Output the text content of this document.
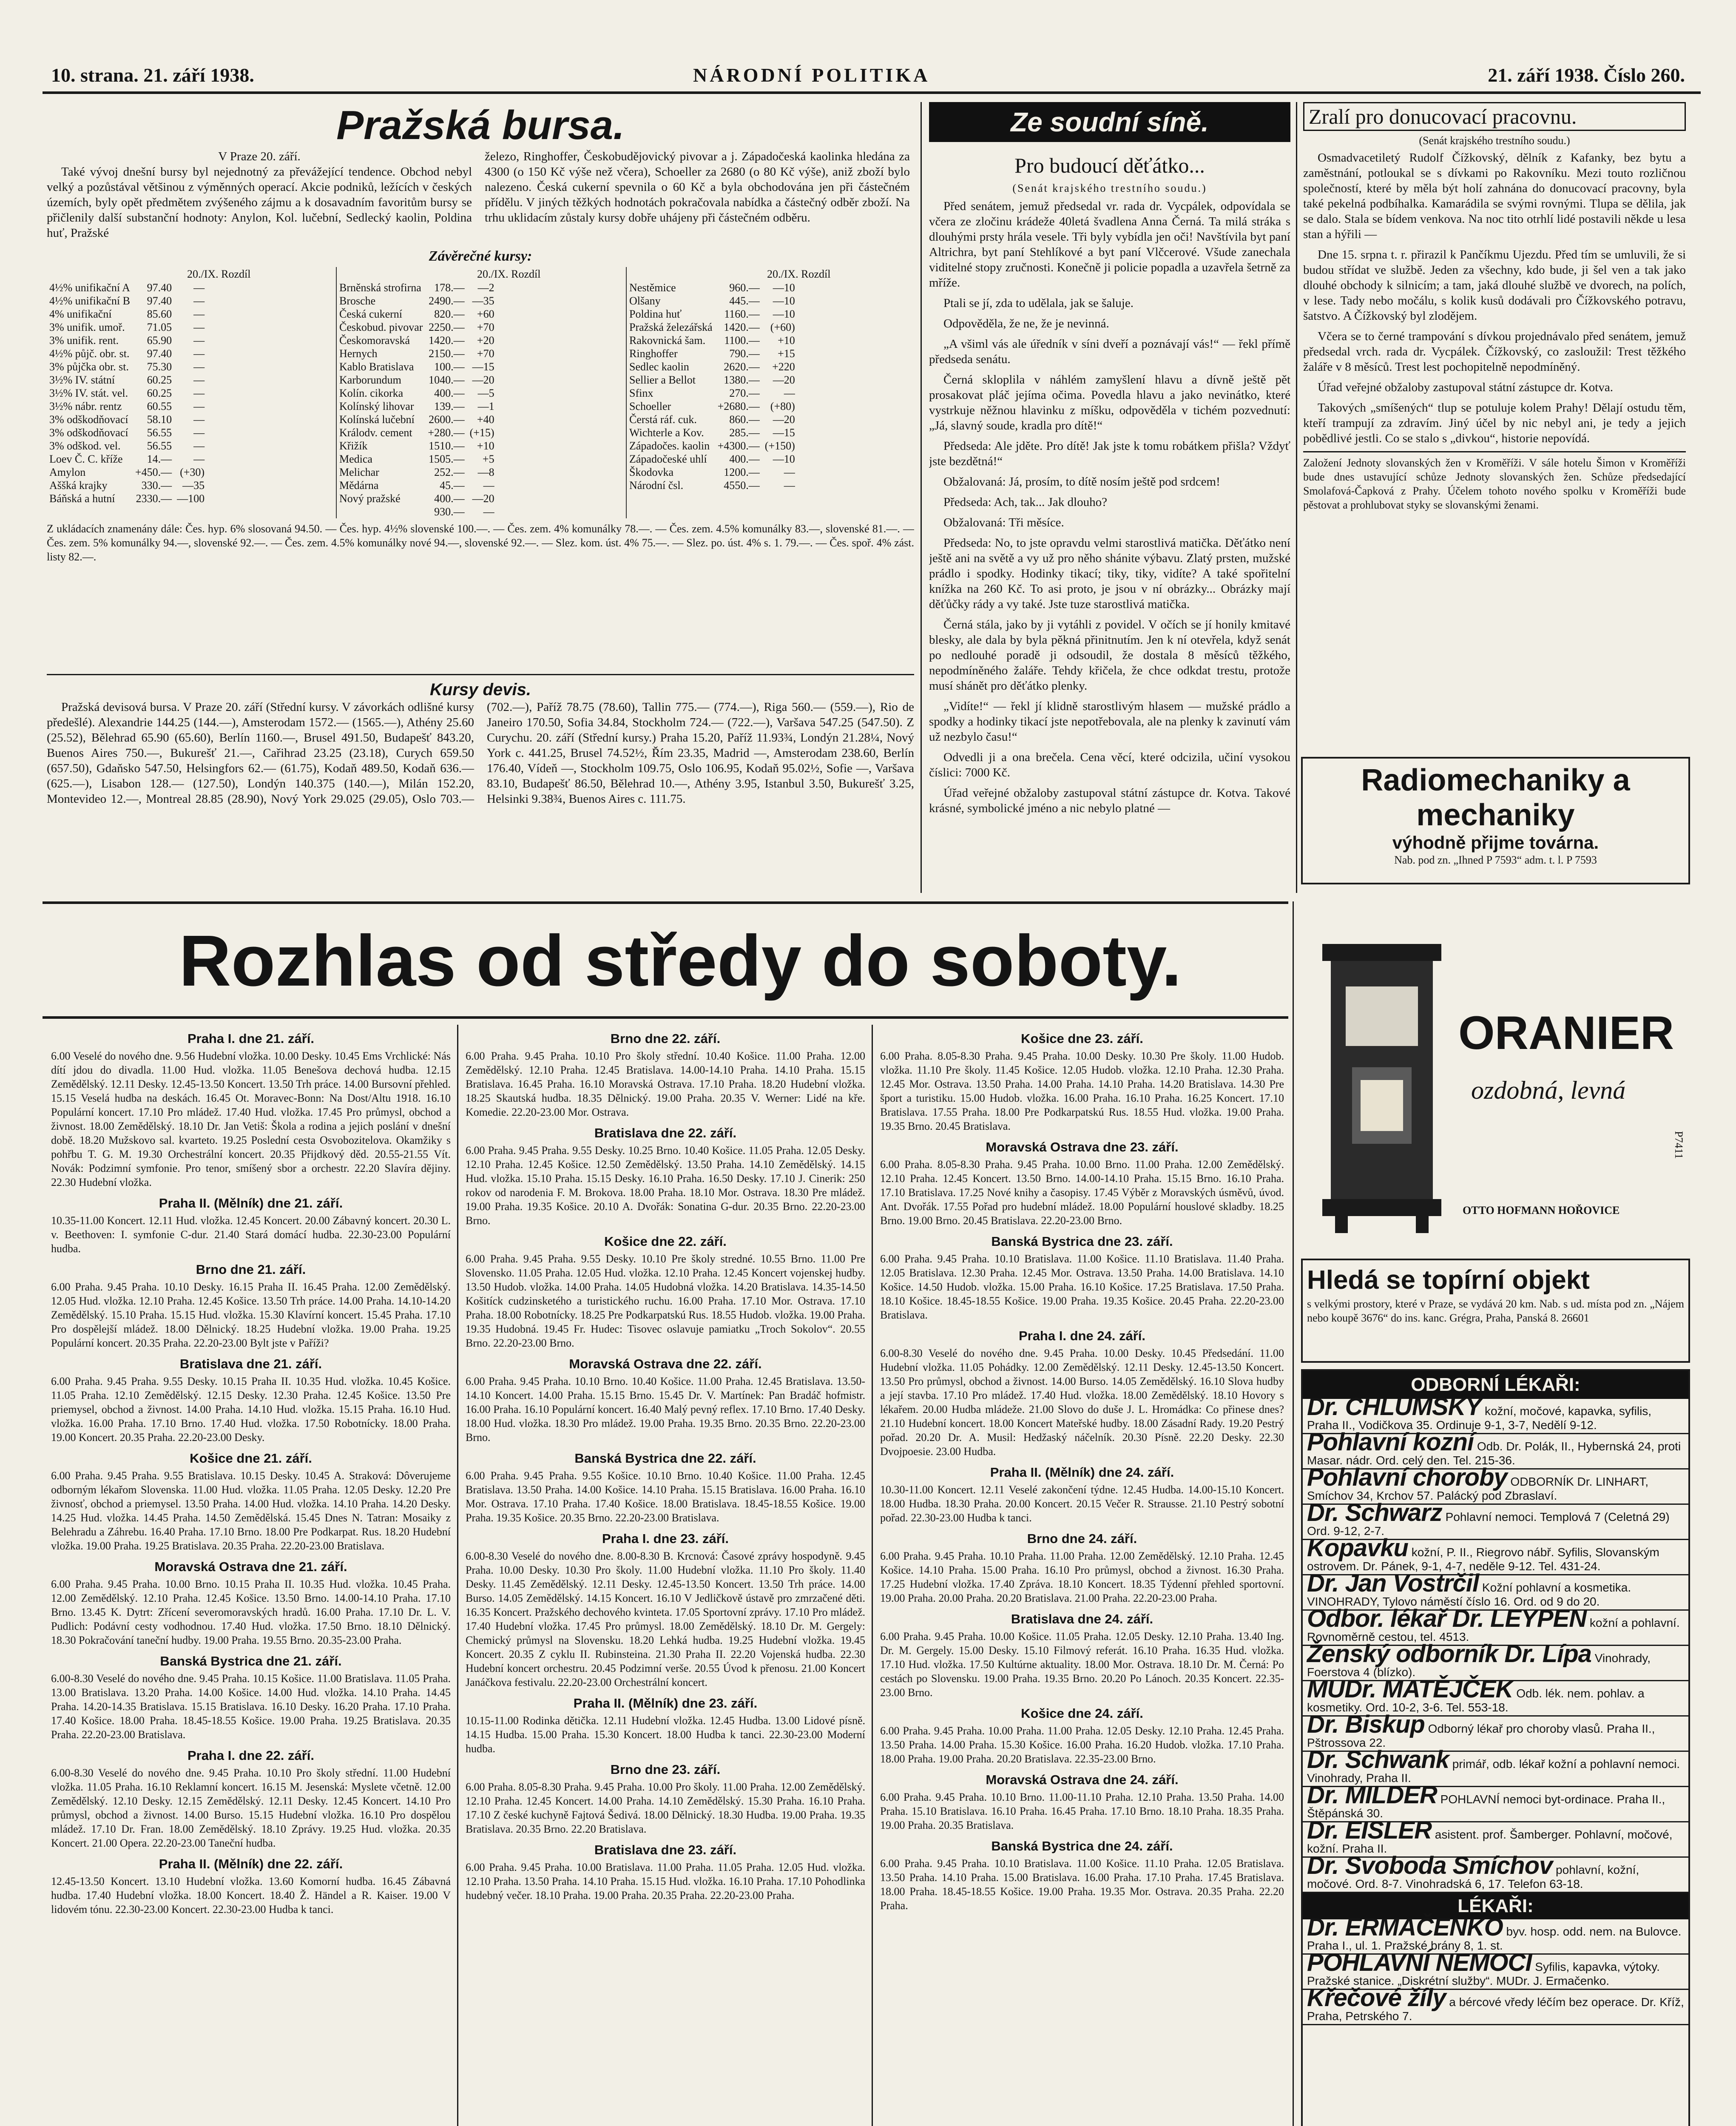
10. strana. 21. září 1938.	NÁRODNÍ POLITIKA	21. září 1938. Číslo 260.
Pražská bursa.
V Praze 20. září.

Také vývoj dnešní bursy byl nejednotný za převážející tendence. Obchod nebyl velký a pozůstával většinou z výměnných operací. Akcie podniků, ležících v českých územích, byly opět předmětem zvýšeného zájmu a k dosavadním favoritům bursy se přičlenily další substanční hodnoty: Anylon, Kol. lučební, Sedlecký kaolin, Poldina huť, Pražské

železo, Ringhoffer, Českobudějovický pivovar a j. Západočeská kaolinka hledána za 4300 (o 150 Kč výše než včera), Schoeller za 2680 (o 80 Kč výše), aniž zboží bylo nalezeno. Česká cukerní spevnila o 60 Kč a byla obchodována jen při částečném přídělu. V jiných těžkých hodnotách pokračovala nabídka a částečný odběr zboží. Na trhu uklidacím zůstaly kursy dobře uhájeny při částečném odběru.

Závěrečné kursy:
20./IX. Rozdíl
4½% unifikační A	97.40	—
4½% unifikační B	97.40	—
4% unifikační	85.60	—
3% unifik. umoř.	71.05	—
3% unifik. rent.	65.90	—
4½% půjč. obr. st.	97.40	—
3% půjčka obr. st.	75.30	—
3½% IV. státní	60.25	—
3½% IV. stát. vel.	60.25	—
3½% nábr. rentz	60.55	—
3% odškodňovací	58.10	—
3% odškodňovací	56.55	—
3% odškod. vel.	56.55	—
Loev Č. C. kříže	14.—	—
Amylon	+450.—	(+30)
Aššká krajky	330.—	—35
Báňská a hutní	2330.—	—100
20./IX. Rozdíl
Brněnská strofirna	178.—	—2
Brosche	2490.—	—35
Česká cukerní	820.—	+60
Českobud. pivovar	2250.—	+70
Českomoravská	1420.—	+20
Hernych	2150.—	+70
Kablo Bratislava	100.—	—15
Karborundum	1040.—	—20
Kolín. cikorka	400.—	—5
Kolínský lihovar	139.—	—1
Kolínská lučební	2600.—	+40
Králodv. cement	+280.—	(+15)
Křižík	1510.—	+10
Medica	1505.—	+5
Melichar	252.—	—8
Mědárna	45.—	—
Nový pražské	400.—	—20
	930.—	—
20./IX. Rozdíl
Nestěmice	960.—	—10
Olšany	445.—	—10
Poldina huť	1160.—	—10
Pražská železářská	1420.—	(+60)
Rakovnická šam.	1100.—	+10
Ringhoffer	790.—	+15
Sedlec kaolin	2620.—	+220
Sellier a Bellot	1380.—	—20
Sfinx	270.—	—
Schoeller	+2680.—	(+80)
Čerstá ráf. cuk.	860.—	—20
Wichterle a Kov.	285.—	—15
Západočes. kaolin	+4300.—	(+150)
Západočeské uhlí	400.—	—10
Škodovka	1200.—	—

Národní čsl.	4550.—	—
Z ukládacích znamenány dále: Čes. hyp. 6% slosovaná 94.50. — Čes. hyp. 4½% slovenské 100.—. — Čes. zem. 4% komunálky 78.—. — Čes. zem. 4.5% komunálky 83.—, slovenské 81.—. — Čes. zem. 5% komunálky 94.—, slovenské 92.—. — Čes. zem. 4.5% komunálky nové 94.—, slovenské 92.—. — Slez. kom. úst. 4% 75.—. — Slez. po. úst. 4% s. 1. 79.—. — Čes. spoř. 4% zást. listy 82.—.
Kursy devis.
Pražská devisová bursa. V Praze 20. září (Střední kursy. V závorkách odlišné kursy předešlé). Alexandrie 144.25 (144.—), Amsterodam 1572.— (1565.—), Athény 25.60 (25.52), Bělehrad 65.90 (65.60), Berlín 1160.—, Brusel 491.50, Budapešť 843.20, Buenos Aires 750.—, Bukurešť 21.—, Cařihrad 23.25 (23.18), Curych 659.50 (657.50), Gdaňsko 547.50, Helsingfors 62.— (61.75), Kodaň 489.50, Kodaň 636.— (625.—), Lisabon 128.— (127.50), Londýn 140.375 (140.—), Milán 152.20, Montevideo 12.—, Montreal 28.85 (28.90), Nový York 29.025 (29.05), Oslo 703.— (702.—), Paříž 78.75 (78.60), Tallin 775.— (774.—), Riga 560.— (559.—), Rio de Janeiro 170.50, Sofia 34.84, Stockholm 724.— (722.—), Varšava 547.25 (547.50). Z Curychu. 20. září (Střední kursy.) Praha 15.20, Paříž 11.93¾, Londýn 21.28¼, Nový York c. 441.25, Brusel 74.52½, Řím 23.35, Madrid —, Amsterodam 238.60, Berlín 176.40, Vídeň —, Stockholm 109.75, Oslo 106.95, Kodaň 95.02½, Sofie —, Varšava 83.10, Budapešť 86.50, Bělehrad 10.—, Athény 3.95, Istanbul 3.50, Bukurešť 3.25, Helsinki 9.38¾, Buenos Aires c. 111.75.
Ze soudní síně.
Pro budoucí děťátko...
(Senát krajského trestního soudu.)

Před senátem, jemuž předsedal vr. rada dr. Vycpálek, odpovídala se včera ze zločinu krádeže 40letá švadlena Anna Černá. Ta milá stráka s dlouhými prsty hrála vesele. Tři byly vybídla jen oči! Navštívila byt paní Altrichra, byt paní Stehlíkové a byt paní Vlčcerové. Všude zanechala viditelné stopy zručnosti. Konečně ji policie popadla a uzavřela šetrně za mříže.

Ptali se jí, zda to udělala, jak se šaluje.

Odpověděla, že ne, že je nevinná.

„A všiml vás ale úředník v síni dveří a poznávají vás!“ — řekl přímě předseda senátu.

Černá skloplila v náhlém zamyšlení hlavu a dívně ještě pět prosakovat pláč jejíma očima. Povedla hlavu a jako nevinátko, které vystrkuje něžnou hlavinku z míšku, odpověděla v tichém pozvednutí: „Já, slavný soude, kradla pro dítě!“

Předseda: Ale jděte. Pro dítě! Jak jste k tomu robátkem přišla? Vždyť jste bezdětná!“

Obžalovaná: Já, prosím, to dítě nosím ještě pod srdcem!

Předseda: Ach, tak... Jak dlouho?

Obžalovaná: Tři měsíce.

Předseda: No, to jste opravdu velmi starostlivá matička. Děťátko není ještě ani na světě a vy už pro něho shánite výbavu. Zlatý prsten, mužské prádlo i spodky. Hodinky tikací; tiky, tiky, vidíte? A také spořitelní knížka na 260 Kč. To asi proto, je jsou v ní obrázky... Obrázky mají děťůčky rády a vy také. Jste tuze starostlivá matička.

Černá stála, jako by ji vytáhli z povidel. V očích se jí honily kmitavé blesky, ale dala by byla pěkná přinitnutím. Jen k ní otevřela, když senát po nedlouhé poradě ji odsoudil, že dostala 8 měsíců těžkého, nepodmíněného žaláře. Tehdy křičela, že chce odkdat trestu, protože musí shánět pro děťátko plenky.

„Vidíte!“ — řekl jí klidně starostlivým hlasem — mužské prádlo a spodky a hodinky tikací jste nepotřebovala, ale na plenky k zavinutí vám už nezbylo času!“

Odvedli ji a ona brečela. Cena věcí, které odcizila, učiní vysokou číslici: 7000 Kč.

Úřad veřejné obžaloby zastupoval státní zástupce dr. Kotva. Takové krásné, symbolické jméno a nic nebylo platné —

Zralí pro donucovací pracovnu.
(Senát krajského trestního soudu.)

Osmadvacetiletý Rudolf Čížkovský, dělník z Kafanky, bez bytu a zaměstnání, potloukal se s dívkami po Rakovníku. Mezi touto rozličnou společností, které by měla být holí zahnána do donucovací pracovny, byla také pekelná podbíhalka. Kamarádila se svými rovnými. Tlupa se dělila, jak se dalo. Stala se bídem venkova. Na noc tito otrhlí lidé postavili někde u lesa stan a hýřili —

Dne 15. srpna t. r. přirazil k Pančíkmu Ujezdu. Před tím se umluvili, že si budou střídat ve službě. Jeden za všechny, kdo bude, ji šel ven a tak jako dlouhé obchody k silnicím; a tam, jaká dlouhé službě ve dvorech, na polích, v lese. Tady nebo močálu, s kolik kusů dodávali pro Čížkovského potravu, šatstvo. A Čížkovský byl zlodějem.

Včera se to černé trampování s dívkou projednávalo před senátem, jemuž předsedal vrch. rada dr. Vycpálek. Čížkovský, co zasloužil: Trest těžkého žaláře v 8 měsíců. Trest lest pochopitelně nepodmíněný.

Úřad veřejné obžaloby zastupoval státní zástupce dr. Kotva.

Takových „smíšených“ tlup se potuluje kolem Prahy! Dělají ostudu těm, kteří trampují za zdravím. Jiný účel by nic nebyl ani, je tedy a jejich pobědlivé jestli. Co se stalo s „divkou“, historie nepovídá.

Založení Jednoty slovanských žen v Kroměříži. V sále hotelu Šimon v Kroměříži bude dnes ustavující schůze Jednoty slovanských žen. Schůze předsedající Smolafová-Čapková z Prahy. Účelem tohoto nového spolku v Kroměříži bude pěstovat a prohlubovat styky se slovanskými ženami.
Radiomechaniky a mechaniky
výhodně přijme továrna.
Nab. pod zn. „Ihned P 7593“ adm. t. l. P 7593
Rozhlas od středy do soboty.
Praha I. dne 21. září.

6.00 Veselé do nového dne. 9.56 Hudební vložka. 10.00 Desky. 10.45 Ems Vrchlické: Nás dítí jdou do divadla. 11.00 Hud. vložka. 11.05 Benešova dechová hudba. 12.15 Zemědělský. 12.11 Desky. 12.45-13.50 Koncert. 13.50 Trh práce. 14.00 Bursovní přehled. 15.15 Veselá hudba na deskách. 16.45 Ot. Moravec-Bonn: Na Dost/Altu 1918. 16.10 Populární koncert. 17.10 Pro mládež. 17.40 Hud. vložka. 17.45 Pro průmysl, obchod a živnost. 18.00 Zemědělský. 18.10 Dr. Jan Vetiš: Škola a rodina a jejich poslání v dnešní době. 18.20 Mužskovo sal. kvarteto. 19.25 Poslední cesta Osvobozitelova. Okamžiky s pohřbu T. G. M. 19.30 Orchestrální koncert. 20.35 Přijdkový děd. 20.55-21.55 Vít. Novák: Podzimní symfonie. Pro tenor, smíšený sbor a orchestr. 22.20 Slavíra dějiny. 22.30 Hudební vložka.

Praha II. (Mělník) dne 21. září.

10.35-11.00 Koncert. 12.11 Hud. vložka. 12.45 Koncert. 20.00 Zábavný koncert. 20.30 L. v. Beethoven: I. symfonie C-dur. 21.40 Stará domácí hudba. 22.30-23.00 Populární hudba.

Brno dne 21. září.

6.00 Praha. 9.45 Praha. 10.10 Desky. 16.15 Praha II. 16.45 Praha. 12.00 Zemědělský. 12.05 Hud. vložka. 12.10 Praha. 12.45 Košice. 13.50 Trh práce. 14.00 Praha. 14.10-14.20 Zemědělský. 15.10 Praha. 15.15 Hud. vložka. 15.30 Klavírní koncert. 15.45 Praha. 17.10 Pro dospělejší mládež. 18.00 Dělnický. 18.25 Hudební vložka. 19.00 Praha. 19.25 Populární koncert. 20.35 Praha. 22.20-23.00 Bylt jste v Paříži?

Bratislava dne 21. září.

6.00 Praha. 9.45 Praha. 9.55 Desky. 10.15 Praha II. 10.35 Hud. vložka. 10.45 Košice. 11.05 Praha. 12.10 Zemědělský. 12.15 Desky. 12.30 Praha. 12.45 Košice. 13.50 Pre priemysel, obchod a živnost. 14.00 Praha. 14.10 Hud. vložka. 15.15 Praha. 16.10 Hud. vložka. 16.00 Praha. 17.10 Brno. 17.40 Hud. vložka. 17.50 Robotnícky. 18.00 Praha. 19.00 Koncert. 20.35 Praha. 22.20-23.00 Desky.

Košice dne 21. září.

6.00 Praha. 9.45 Praha. 9.55 Bratislava. 10.15 Desky. 10.45 A. Straková: Dôverujeme odborným lékařom Slovenska. 11.00 Hud. vložka. 11.05 Praha. 12.05 Desky. 12.20 Pre živnosť, obchod a priemysel. 13.50 Praha. 14.00 Hud. vložka. 14.10 Praha. 14.20 Desky. 14.25 Hud. vložka. 14.45 Praha. 14.50 Zemědělská. 15.45 Dnes N. Tatran: Mosaiky z Belehradu a Záhrebu. 16.40 Praha. 17.10 Brno. 18.00 Pre Podkarpat. Rus. 18.20 Hudební vložka. 19.00 Praha. 19.25 Bratislava. 20.35 Praha. 22.20-23.00 Bratislava.

Moravská Ostrava dne 21. září.

6.00 Praha. 9.45 Praha. 10.00 Brno. 10.15 Praha II. 10.35 Hud. vložka. 10.45 Praha. 12.00 Zemědělský. 12.10 Praha. 12.45 Košice. 13.50 Brno. 14.00-14.10 Praha. 17.10 Brno. 13.45 K. Dytrt: Zřícení severomoravských hradů. 16.00 Praha. 17.10 Dr. L. V. Pudlich: Podávní cesty vodhodnou. 17.40 Hud. vložka. 17.50 Brno. 18.10 Dělnický. 18.30 Pokračování taneční hudby. 19.00 Praha. 19.55 Brno. 20.35-23.00 Praha.

Banská Bystrica dne 21. září.

6.00-8.30 Veselé do nového dne. 9.45 Praha. 10.15 Košice. 11.00 Bratislava. 11.05 Praha. 13.00 Bratislava. 13.20 Praha. 14.00 Košice. 14.00 Hud. vložka. 14.10 Praha. 14.45 Praha. 14.20-14.35 Bratislava. 15.15 Bratislava. 16.10 Desky. 16.20 Praha. 17.10 Praha. 17.40 Košice. 18.00 Praha. 18.45-18.55 Košice. 19.00 Praha. 19.25 Bratislava. 20.35 Praha. 22.20-23.00 Bratislava.

Praha I. dne 22. září.

6.00-8.30 Veselé do nového dne. 9.45 Praha. 10.10 Pro školy střední. 11.00 Hudební vložka. 11.05 Praha. 16.10 Reklamní koncert. 16.15 M. Jesenská: Myslete včetně. 12.00 Zemědělský. 12.10 Desky. 12.15 Zemědělský. 12.11 Desky. 12.45 Koncert. 14.10 Pro průmysl, obchod a živnost. 14.00 Burso. 15.15 Hudební vložka. 16.10 Pro dospělou mládež. 17.10 Dr. Fran. 18.00 Zemědělský. 18.10 Zprávy. 19.25 Hud. vložka. 20.35 Koncert. 21.00 Opera. 22.20-23.00 Taneční hudba.

Praha II. (Mělník) dne 22. září.

12.45-13.50 Koncert. 13.10 Hudební vložka. 13.60 Komorní hudba. 16.45 Zábavná hudba. 17.40 Hudební vložka. 18.00 Koncert. 18.40 Ž. Händel a R. Kaiser. 19.00 V lidovém tónu. 22.30-23.00 Koncert. 22.30-23.00 Hudba k tanci.

Brno dne 22. září.

6.00 Praha. 9.45 Praha. 10.10 Pro školy střední. 10.40 Košice. 11.00 Praha. 12.00 Zemědělský. 12.10 Praha. 12.45 Bratislava. 14.00-14.10 Praha. 14.10 Praha. 15.15 Bratislava. 16.45 Praha. 16.10 Moravská Ostrava. 17.10 Praha. 18.20 Hudební vložka. 18.25 Skautská hudba. 18.35 Dělnický. 19.00 Praha. 20.35 V. Werner: Lidé na kře. Komedie. 22.20-23.00 Mor. Ostrava.

Bratislava dne 22. září.

6.00 Praha. 9.45 Praha. 9.55 Desky. 10.25 Brno. 10.40 Košice. 11.05 Praha. 12.05 Desky. 12.10 Praha. 12.45 Košice. 12.50 Zemědělský. 13.50 Praha. 14.10 Zemědělský. 14.15 Hud. vložka. 15.10 Praha. 15.15 Desky. 16.10 Praha. 16.50 Desky. 17.10 J. Cinerik: 250 rokov od narodenia F. M. Brokova. 18.00 Praha. 18.10 Mor. Ostrava. 18.30 Pre mládež. 19.00 Praha. 19.35 Košice. 20.10 A. Dvořák: Sonatina G-dur. 20.35 Brno. 22.20-23.00 Brno.

Košice dne 22. září.

6.00 Praha. 9.45 Praha. 9.55 Desky. 10.10 Pre školy stredné. 10.55 Brno. 11.00 Pre Slovensko. 11.05 Praha. 12.05 Hud. vložka. 12.10 Praha. 12.45 Koncert vojenskej hudby. 13.50 Hudob. vložka. 14.00 Praha. 14.05 Hudobná vložka. 14.20 Bratislava. 14.35-14.50 Košitíck cudzinsketého a turistického ruchu. 16.00 Praha. 17.10 Mor. Ostrava. 17.10 Praha. 18.00 Robotnícky. 18.25 Pre Podkarpatskú Rus. 18.55 Hudob. vložka. 19.00 Praha. 19.35 Hudobná. 19.45 Fr. Hudec: Tisovec oslavuje pamiatku „Troch Sokolov“. 20.55 Brno. 22.20-23.00 Brno.

Moravská Ostrava dne 22. září.

6.00 Praha. 9.45 Praha. 10.10 Brno. 10.40 Košice. 11.00 Praha. 12.45 Bratislava. 13.50-14.10 Koncert. 14.00 Praha. 15.15 Brno. 15.45 Dr. V. Martínek: Pan Bradáč hofmistr. 16.00 Praha. 16.10 Populární koncert. 16.40 Malý pevný reflex. 17.10 Brno. 17.40 Desky. 18.00 Hud. vložka. 18.30 Pro mládež. 19.00 Praha. 19.35 Brno. 20.35 Brno. 22.20-23.00 Brno.

Banská Bystrica dne 22. září.

6.00 Praha. 9.45 Praha. 9.55 Košice. 10.10 Brno. 10.40 Košice. 11.00 Praha. 12.45 Bratislava. 13.50 Praha. 14.00 Košice. 14.10 Praha. 15.15 Bratislava. 16.00 Praha. 16.10 Mor. Ostrava. 17.10 Praha. 17.40 Košice. 18.00 Bratislava. 18.45-18.55 Košice. 19.00 Praha. 19.35 Košice. 20.35 Brno. 22.20-23.00 Bratislava.

Praha I. dne 23. září.

6.00-8.30 Veselé do nového dne. 8.00-8.30 B. Krcnová: Časové zprávy hospodyně. 9.45 Praha. 10.00 Desky. 10.30 Pro školy. 11.00 Hudební vložka. 11.10 Pro školy. 11.40 Desky. 11.45 Zemědělský. 12.11 Desky. 12.45-13.50 Koncert. 13.50 Trh práce. 14.00 Burso. 14.05 Zemědělský. 14.15 Koncert. 16.10 V Jedličkově ústavě pro zmrzačené děti. 16.35 Koncert. Pražského dechového kvinteta. 17.05 Sportovní zprávy. 17.10 Pro mládež. 17.40 Hudební vložka. 17.45 Pro průmysl. 18.00 Zemědělský. 18.10 Dr. M. Gergely: Chemický průmysl na Slovensku. 18.20 Lehká hudba. 19.25 Hudební vložka. 19.45 Koncert. 20.35 Z cyklu II. Rubinsteina. 21.30 Praha II. 22.20 Vojenská hudba. 22.30 Hudební koncert orchestru. 20.45 Podzimní verše. 20.55 Úvod k přenosu. 21.00 Koncert Janáčkova festivalu. 22.20-23.00 Orchestrální koncert.

Praha II. (Mělník) dne 23. září.

10.15-11.00 Rodinka dětička. 12.11 Hudební vložka. 12.45 Hudba. 13.00 Lidové písně. 14.15 Hudba. 15.00 Praha. 15.30 Koncert. 18.00 Hudba k tanci. 22.30-23.00 Moderní hudba.

Brno dne 23. září.

6.00 Praha. 8.05-8.30 Praha. 9.45 Praha. 10.00 Pro školy. 11.00 Praha. 12.00 Zemědělský. 12.10 Praha. 12.45 Koncert. 14.00 Praha. 14.10 Zemědělský. 15.30 Praha. 16.10 Praha. 17.10 Z české kuchyně Fajtová Šedivá. 18.00 Dělnický. 18.30 Hudba. 19.00 Praha. 19.35 Bratislava. 20.35 Brno. 22.20 Bratislava.

Bratislava dne 23. září.

6.00 Praha. 9.45 Praha. 10.00 Bratislava. 11.00 Praha. 11.05 Praha. 12.05 Hud. vložka. 12.10 Praha. 13.50 Praha. 14.10 Praha. 15.15 Hud. vložka. 16.10 Praha. 17.10 Pohodlinka hudebný večer. 18.10 Praha. 19.00 Praha. 20.35 Praha. 22.20-23.00 Praha.

Košice dne 23. září.

6.00 Praha. 8.05-8.30 Praha. 9.45 Praha. 10.00 Desky. 10.30 Pre školy. 11.00 Hudob. vložka. 11.10 Pre školy. 11.45 Košice. 12.05 Hudob. vložka. 12.10 Praha. 12.30 Praha. 12.45 Mor. Ostrava. 13.50 Praha. 14.00 Praha. 14.10 Praha. 14.20 Bratislava. 14.30 Pre šport a turistiku. 15.00 Hudob. vložka. 16.00 Praha. 16.10 Praha. 16.25 Koncert. 17.10 Bratislava. 17.55 Praha. 18.00 Pre Podkarpatskú Rus. 18.55 Hud. vložka. 19.00 Praha. 19.35 Brno. 20.45 Bratislava.

Moravská Ostrava dne 23. září.

6.00 Praha. 8.05-8.30 Praha. 9.45 Praha. 10.00 Brno. 11.00 Praha. 12.00 Zemědělský. 12.10 Praha. 12.45 Koncert. 13.50 Brno. 14.00-14.10 Praha. 15.15 Brno. 16.10 Praha. 17.10 Bratislava. 17.25 Nové knihy a časopisy. 17.45 Výběr z Moravských úsměvů, úvod. Ant. Dvořák. 17.55 Pořad pro hudební mládež. 18.00 Populární houslové skladby. 18.25 Brno. 19.00 Brno. 20.45 Bratislava. 22.20-23.00 Brno.

Banská Bystrica dne 23. září.

6.00 Praha. 9.45 Praha. 10.10 Bratislava. 11.00 Košice. 11.10 Bratislava. 11.40 Praha. 12.05 Bratislava. 12.30 Praha. 12.45 Mor. Ostrava. 13.50 Praha. 14.00 Bratislava. 14.10 Košice. 14.50 Hudob. vložka. 15.00 Praha. 16.10 Košice. 17.25 Bratislava. 17.50 Praha. 18.10 Košice. 18.45-18.55 Košice. 19.00 Praha. 19.35 Košice. 20.45 Praha. 22.20-23.00 Bratislava.

Praha I. dne 24. září.

6.00-8.30 Veselé do nového dne. 9.45 Praha. 10.00 Desky. 10.45 Předsedání. 11.00 Hudební vložka. 11.05 Pohádky. 12.00 Zemědělský. 12.11 Desky. 12.45-13.50 Koncert. 13.50 Pro průmysl, obchod a živnost. 14.00 Burso. 14.05 Zemědělský. 16.10 Slova hudby a její stavba. 17.10 Pro mládež. 17.40 Hud. vložka. 18.00 Zemědělský. 18.10 Hovory s lékařem. 20.00 Hudba mládeže. 21.00 Slovo do duše J. L. Hromádka: Co přinese dnes? 21.10 Hudební koncert. 18.00 Koncert Mateřské hudby. 18.00 Zásadní Rady. 19.20 Pestrý pořad. 20.20 Dr. A. Musil: Hedžaský náčelník. 20.30 Písně. 22.20 Desky. 22.30 Dvojpoesie. 23.00 Hudba.

Praha II. (Mělník) dne 24. září.

10.30-11.00 Koncert. 12.11 Veselé zakončení týdne. 12.45 Hudba. 14.00-15.10 Koncert. 18.00 Hudba. 18.30 Praha. 20.00 Koncert. 20.15 Večer R. Strausse. 21.10 Pestrý sobotní pořad. 22.30-23.00 Hudba k tanci.

Brno dne 24. září.

6.00 Praha. 9.45 Praha. 10.10 Praha. 11.00 Praha. 12.00 Zemědělský. 12.10 Praha. 12.45 Košice. 14.10 Praha. 15.00 Praha. 16.10 Pro průmysl, obchod a živnost. 16.30 Praha. 17.25 Hudební vložka. 17.40 Zpráva. 18.10 Koncert. 18.35 Týdenní přehled sportovní. 19.00 Praha. 20.00 Praha. 20.20 Bratislava. 21.00 Praha. 22.20-23.00 Praha.

Bratislava dne 24. září.

6.00 Praha. 9.45 Praha. 10.00 Košice. 11.05 Praha. 12.05 Desky. 12.10 Praha. 13.40 Ing. Dr. M. Gergely. 15.00 Desky. 15.10 Filmový referát. 16.10 Praha. 16.35 Hud. vložka. 17.10 Hud. vložka. 17.50 Kultúrne aktuality. 18.00 Mor. Ostrava. 18.10 Dr. M. Černá: Po cestách po Slovensku. 19.00 Praha. 19.35 Brno. 20.20 Po Lánoch. 20.35 Koncert. 22.35-23.00 Brno.

Košice dne 24. září.

6.00 Praha. 9.45 Praha. 10.00 Praha. 11.00 Praha. 12.05 Desky. 12.10 Praha. 12.45 Praha. 13.50 Praha. 14.00 Praha. 15.30 Košice. 16.00 Praha. 16.20 Hudob. vložka. 17.10 Praha. 18.00 Praha. 19.00 Praha. 20.20 Bratislava. 22.35-23.00 Brno.

Moravská Ostrava dne 24. září.

6.00 Praha. 9.45 Praha. 10.10 Brno. 11.00-11.10 Praha. 12.10 Praha. 13.50 Praha. 14.00 Praha. 15.10 Bratislava. 16.10 Praha. 16.45 Praha. 17.10 Brno. 18.10 Praha. 18.35 Praha. 19.00 Praha. 20.35 Bratislava.

Banská Bystrica dne 24. září.

6.00 Praha. 9.45 Praha. 10.10 Bratislava. 11.00 Košice. 11.10 Praha. 12.05 Bratislava. 13.50 Praha. 14.10 Praha. 15.00 Bratislava. 16.00 Praha. 17.10 Praha. 17.45 Bratislava. 18.00 Praha. 18.45-18.55 Košice. 19.00 Praha. 19.35 Mor. Ostrava. 20.35 Praha. 22.20 Praha.

ORANIER
ozdobná, levná
OTTO HOFMANN HOŘOVICE
P7411
Hledá se topírní objekt
s velkými prostory, které v Praze, se vydává 20 km. Nab. s ud. místa pod zn. „Nájem nebo koupě 3676“ do ins. kanc. Grégra, Praha, Panská 8. 26601
ODBORNÍ LÉKAŘI:
Dr. CHLUMSKÝ kožní, močové, kapavka, syfilis, Praha II., Vodičkova 35. Ordinuje 9-1, 3-7, Nedělí 9-12.
Pohlavní kozní Odb. Dr. Polák, II., Hybernská 24, proti Masar. nádr. Ord. celý den. Tel. 215-36.
Pohlavní choroby ODBORNÍK Dr. LINHART, Smíchov 34, Krchov 57. Palácký pod Zbraslaví.
Dr. Schwarz Pohlavní nemoci. Templová 7 (Celetná 29) Ord. 9-12, 2-7.
Kopavku kožní, P. II., Riegrovo nábř. Syfilis, Slovanským ostrovem. Dr. Pánek, 9-1, 4-7, neděle 9-12. Tel. 431-24.
Dr. Jan Vostrčil Kožní pohlavní a kosmetika. VINOHRADY, Tylovo náměstí číslo 16. Ord. od 9 do 20.
Odbor. lékař Dr. LEYPEN kožní a pohlavní. Rovnoměrně cestou, tel. 4513.
Ženský odborník Dr. Lípa Vinohrady, Foerstova 4 (blízko).
MUDr. MATĚJČEK Odb. lék. nem. pohlav. a kosmetiky. Ord. 10-2, 3-6. Tel. 553-18.
Dr. Biskup Odborný lékař pro choroby vlasů. Praha II., Pštrossova 22.
Dr. Schwank primář, odb. lékař kožní a pohlavní nemoci. Vinohrady, Praha II.
Dr. MILDER POHLAVNÍ nemoci byt-ordinace. Praha II., Štěpánská 30.
Dr. EISLER asistent. prof. Šamberger. Pohlavní, močové, kožní. Praha II.
Dr. Svoboda Smíchov pohlavní, kožní, močové. Ord. 8-7. Vinohradská 6, 17. Telefon 63-18.
LÉKAŘI:
Dr. ERMAČENKO byv. hosp. odd. nem. na Bulovce. Praha I., ul. 1. Pražské brány 8, 1. st.
POHLAVNÍ NEMOCI Syfilis, kapavka, výtoky. Pražské stanice. „Diskrétní služby“. MUDr. J. Ermačenko.
Křečové žíly a bércové vředy léčím bez operace. Dr. Kříž, Praha, Petrského 7.
